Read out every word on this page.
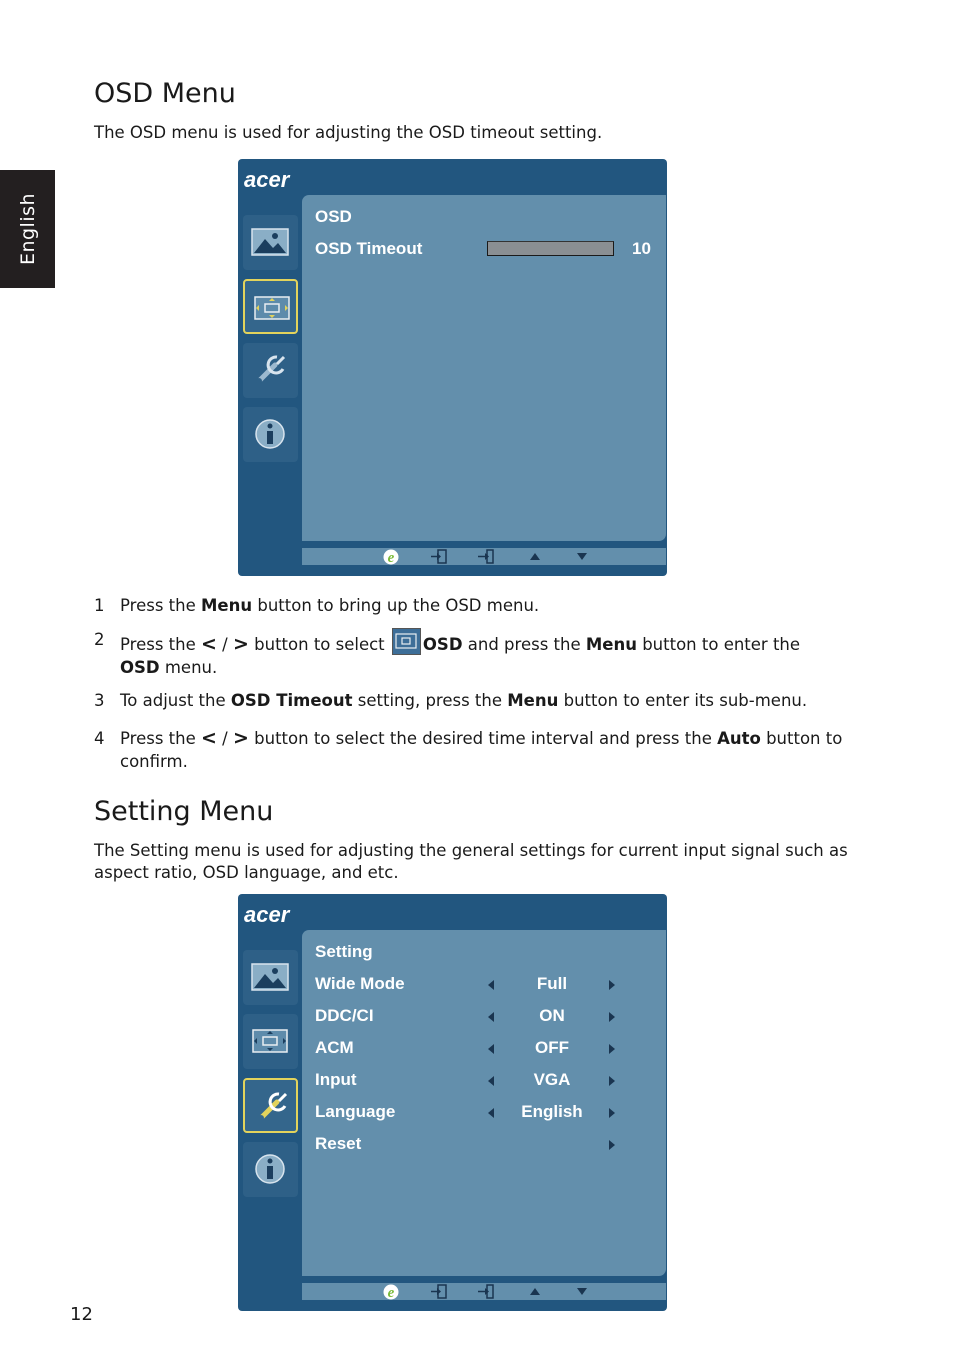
English
OSD Menu
The OSD menu is used for adjusting the OSD timeout setting.
acer
OSD
OSD Timeout	10
e
1 Press the Menu button to bring up the OSD menu.
2 Press the < / > button to select
OSD and press the Menu button to enter the
OSD menu.
3 To adjust the OSD Timeout setting, press the Menu button to enter its sub-menu.
4 Press the < / > button to select the desired time interval and press the Auto button to confirm.
Setting Menu
The Setting menu is used for adjusting the general settings for current input signal such as aspect ratio, OSD language, and etc.
acer
Setting
Wide Mode	Full
DDC/CI	ON
ACM	OFF
Input	VGA
Language	English
Reset
e
12
